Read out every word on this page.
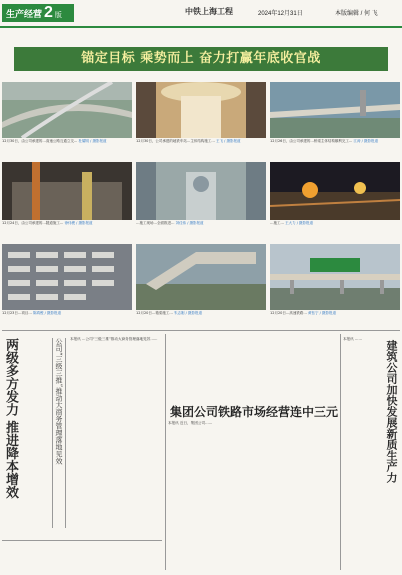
生产经营 2 版	中铁上海工程	2024年12月31日	本版编辑 / 何 飞
锚定目标 乘势而上 奋力打赢年底收官战
12月30日，由公司承建的…高速公路互通立交… 杜耀明 / 摄影报道	12月30日，公司承建的地铁车站…主体结构施工… 王飞 / 摄影报道	12月26日，由公司承建的…桥梁主体结构顺利完工… 江涛 / 摄影报道
12月24日，由公司承建的…隧道施工… 徐伟俊 / 摄影报道	…施工现场…全面推进… 刘佳伟 / 摄影报道	…施工… 王大力 / 摄影报道
12月23日…项目… 陈鸿俊 / 摄影报道	12月20日…箱梁施工… 朱志刚 / 摄影报道	12月20日…高速铁路… 黄钰宁 / 摄影报道
两级多方发力 推进降本增效	公司“三级三推”推动大商务管理落地见效	本报讯 …公司“三级三推”推动大商务管理落地见效……
集团公司铁路市场经营连中三元
本报讯 近日，集团公司……
本报讯 ……
建筑公司加快发展新质生产力
